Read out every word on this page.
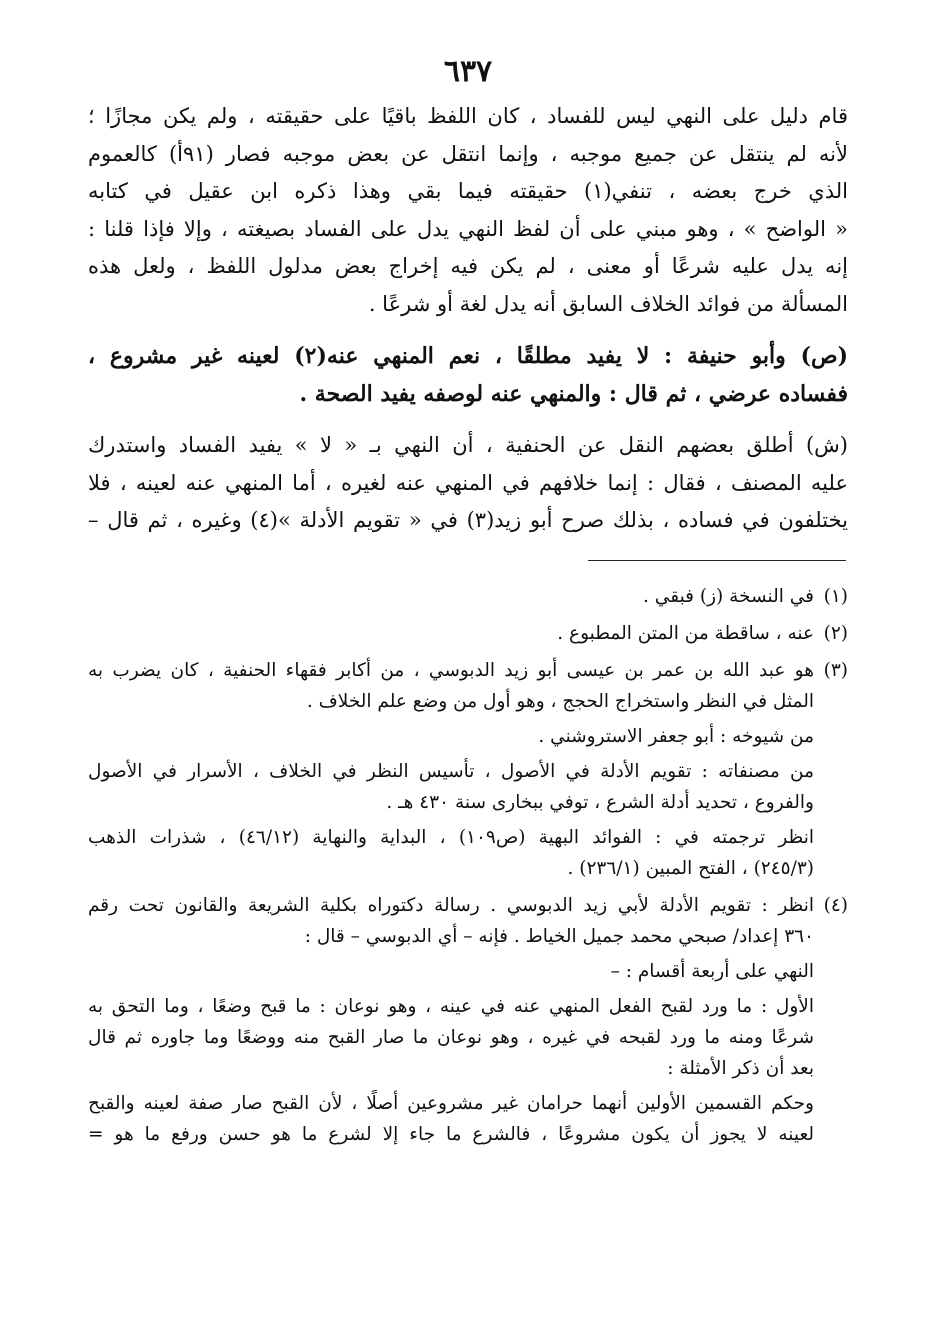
٦٣٧
قام دليل على النهي ليس للفساد ، كان اللفظ باقيًا على حقيقته ، ولم يكن مجازًا ؛
لأنه لم ينتقل عن جميع موجبه ، وإنما انتقل عن بعض موجبه فصار (٩١أ) كالعموم
الذي خرج بعضه ، تنفي(١) حقيقته فيما بقي وهذا ذكره ابن عقيل في كتابه
« الواضح » ، وهو مبني على أن لفظ النهي يدل على الفساد بصيغته ، وإلا فإذا قلنا :
إنه يدل عليه شرعًا أو معنى ، لم يكن فيه إخراج بعض مدلول اللفظ ، ولعل هذه
المسألة من فوائد الخلاف السابق أنه يدل لغة أو شرعًا .
(ص) وأبو حنيفة : لا يفيد مطلقًا ، نعم المنهي عنه(٢) لعينه غير مشروع ،
ففساده عرضي ، ثم قال : والمنهي عنه لوصفه يفيد الصحة .
(ش) أطلق بعضهم النقل عن الحنفية ، أن النهي بـ « لا » يفيد الفساد واستدرك
عليه المصنف ، فقال : إنما خلافهم في المنهي عنه لغيره ، أما المنهي عنه لعينه ، فلا
يختلفون في فساده ، بذلك صرح أبو زيد(٣) في « تقويم الأدلة »(٤) وغيره ، ثم قال –
(١)
في النسخة (ز) فبقي .
(٢)
عنه ، ساقطة من المتن المطبوع .
(٣)
هو عبد الله بن عمر بن عيسى أبو زيد الدبوسي ، من أكابر فقهاء الحنفية ، كان يضرب به
المثل في النظر واستخراج الحجج ، وهو أول من وضع علم الخلاف .
من شيوخه : أبو جعفر الاستروشني .
من مصنفاته : تقويم الأدلة في الأصول ، تأسيس النظر في الخلاف ، الأسرار في الأصول
والفروع ، تحديد أدلة الشرع ، توفي ببخارى سنة ٤٣٠ هـ .
انظر ترجمته في : الفوائد البهية (ص١٠٩) ، البداية والنهاية (٤٦/١٢) ، شذرات الذهب
(٢٤٥/٣) ، الفتح المبين (٢٣٦/١) .
(٤)
انظر : تقويم الأدلة لأبي زيد الدبوسي . رسالة دكتوراه بكلية الشريعة والقانون تحت رقم
٣٦٠ إعداد/ صبحي محمد جميل الخياط . فإنه – أي الدبوسي – قال :
النهي على أربعة أقسام : –
الأول : ما ورد لقبح الفعل المنهي عنه في عينه ، وهو نوعان : ما قبح وضعًا ، وما التحق به
شرعًا ومنه ما ورد لقبحه في غيره ، وهو نوعان ما صار القبح منه ووضعًا وما جاوره ثم قال
بعد أن ذكر الأمثلة :
وحكم القسمين الأولين أنهما حرامان غير مشروعين أصلًا ، لأن القبح صار صفة لعينه والقبح
لعينه لا يجوز أن يكون مشروعًا ، فالشرع ما جاء إلا لشرع ما هو حسن ورفع ما هو =
